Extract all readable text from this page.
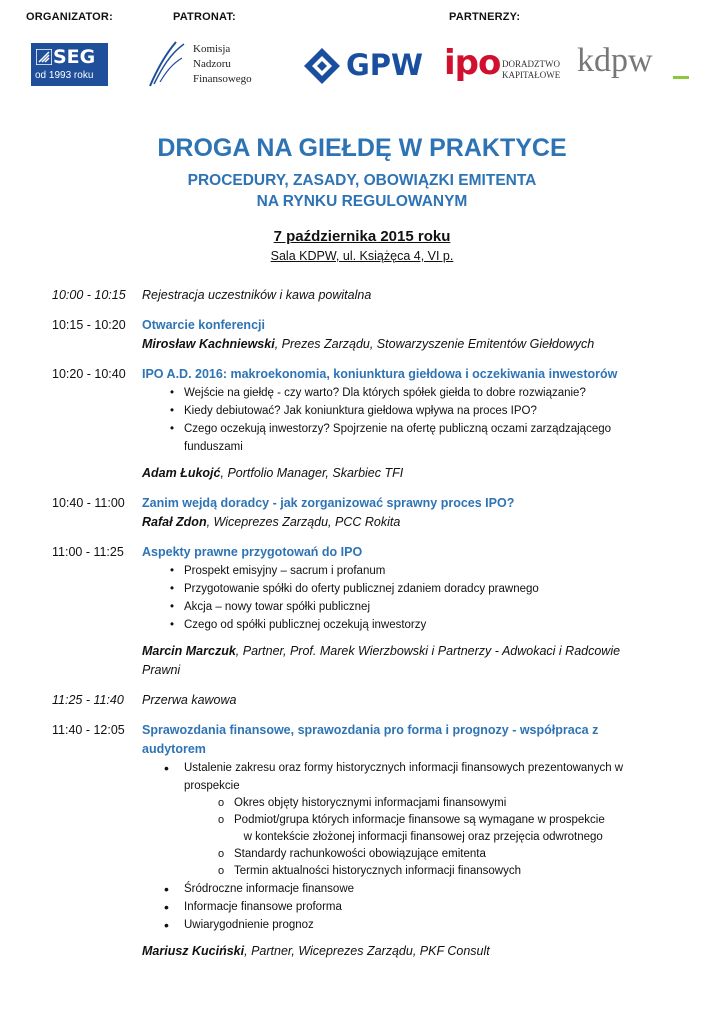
ORGANIZATOR:	PATRONAT:	PARTNERZY:
SEG
od 1993 roku
Komisja
Nadzoru
Finansowego	GPW ipo DORADZTWO
KAPITAŁOWE kdpw
DROGA NA GIEŁDĘ W PRAKTYCE
PROCEDURY, ZASADY, OBOWIĄZKI EMITENTA
NA RYNKU REGULOWANYM
7 października 2015 roku
Sala KDPW, ul. Książęca 4, VI p.
10:00 - 10:15	Rejestracja uczestników i kawa powitalna
10:15 - 10:20	Otwarcie konferencji
Mirosław Kachniewski, Prezes Zarządu, Stowarzyszenie Emitentów Giełdowych
10:20 - 10:40	IPO A.D. 2016: makroekonomia, koniunktura giełdowa i oczekiwania inwestorów
• Wejście na giełdę - czy warto? Dla których spółek giełda to dobre rozwiązanie?
• Kiedy debiutować? Jak koniunktura giełdowa wpływa na proces IPO?
• Czego oczekują inwestorzy? Spojrzenie na ofertę publiczną oczami zarządzającego
funduszami
Adam Łukojć, Portfolio Manager, Skarbiec TFI
10:40 - 11:00	Zanim wejdą doradcy - jak zorganizować sprawny proces IPO?
Rafał Zdon, Wiceprezes Zarządu, PCC Rokita
11:00 - 11:25	Aspekty prawne przygotowań do IPO
• Prospekt emisyjny – sacrum i profanum
• Przygotowanie spółki do oferty publicznej zdaniem doradcy prawnego
• Akcja – nowy towar spółki publicznej
• Czego od spółki publicznej oczekują inwestorzy
Marcin Marczuk, Partner, Prof. Marek Wierzbowski i Partnerzy - Adwokaci i Radcowie
Prawni
11:25 - 11:40	Przerwa kawowa
11:40 - 12:05	Sprawozdania finansowe, sprawozdania pro forma i prognozy - współpraca z
audytorem
• Ustalenie zakresu oraz formy historycznych informacji finansowych prezentowanych w
prospekcie
o Okres objęty historycznymi informacjami finansowymi
o Podmiot/grupa których informacje finansowe są wymagane w prospekcie
w kontekście złożonej informacji finansowej oraz przejęcia odwrotnego
o Standardy rachunkowości obowiązujące emitenta
o Termin aktualności historycznych informacji finansowych
• Śródroczne informacje finansowe
• Informacje finansowe proforma
• Uwiarygodnienie prognoz
Mariusz Kuciński, Partner, Wiceprezes Zarządu, PKF Consult
